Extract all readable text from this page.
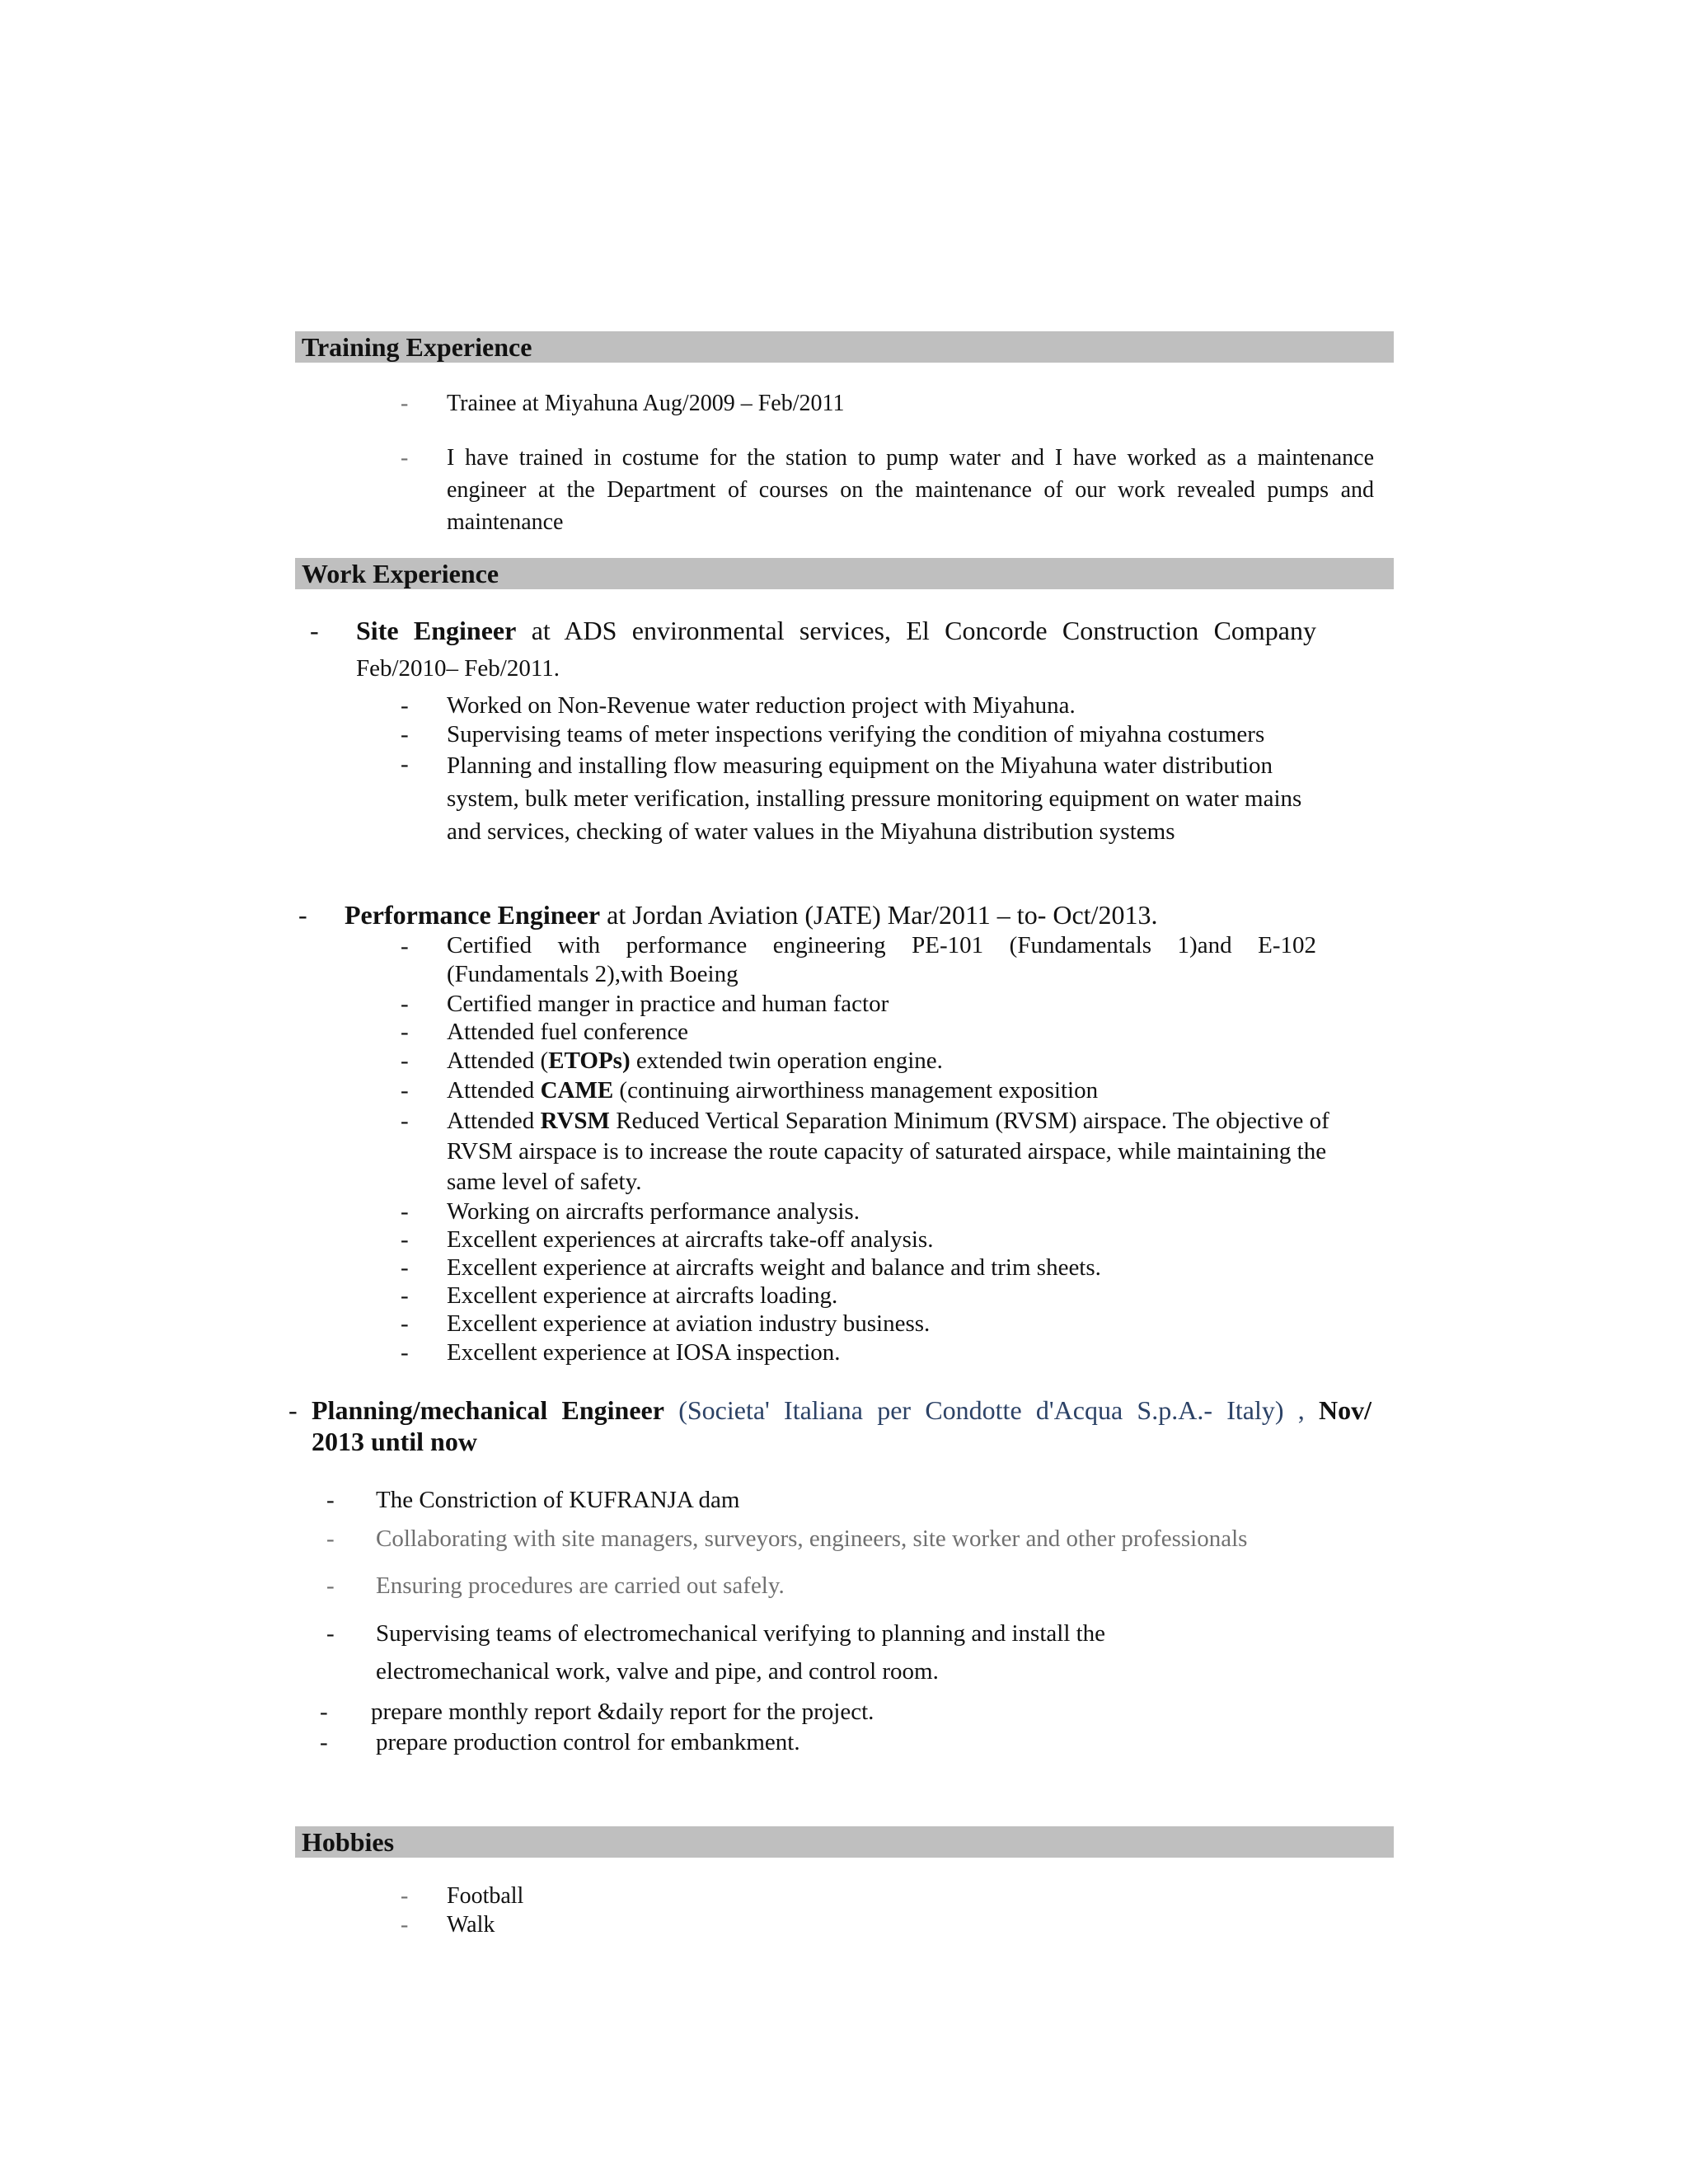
Training Experience
- Trainee at Miyahuna Aug/2009 – Feb/2011
- I have trained in costume for the station to pump water and I have worked as a maintenance engineer at the Department of courses on the maintenance of our work revealed pumps and maintenance
Work Experience
- Site Engineer at ADS environmental services, El Concorde Construction Company
Feb/2010– Feb/2011.
- Worked on Non-Revenue water reduction project with Miyahuna.
- Supervising teams of meter inspections verifying the condition of miyahna costumers
- Planning and installing flow measuring equipment on the Miyahuna water distribution system, bulk meter verification, installing pressure monitoring equipment on water mains and services, checking of water values in the Miyahuna distribution systems
- Performance Engineer at Jordan Aviation (JATE) Mar/2011 – to- Oct/2013.
- Certified with performance engineering PE-101 (Fundamentals 1)and E-102 (Fundamentals 2),with Boeing
- Certified manger in practice and human factor
- Attended fuel conference
- Attended (ETOPs) extended twin operation engine.
- Attended CAME (continuing airworthiness management exposition
- Attended RVSM Reduced Vertical Separation Minimum (RVSM) airspace. The objective of RVSM airspace is to increase the route capacity of saturated airspace, while maintaining the same level of safety.
- Working on aircrafts performance analysis.
- Excellent experiences at aircrafts take-off analysis.
- Excellent experience at aircrafts weight and balance and trim sheets.
- Excellent experience at aircrafts loading.
- Excellent experience at aviation industry business.
- Excellent experience at IOSA inspection.
- Planning/mechanical Engineer (Societa' Italiana per Condotte d'Acqua S.p.A.- Italy) , Nov/
2013 until now
- The Constriction of KUFRANJA dam
- Collaborating with site managers, surveyors, engineers, site worker and other professionals
- Ensuring procedures are carried out safely.
- Supervising teams of electromechanical verifying to planning and install the
electromechanical work, valve and pipe, and control room.
- prepare monthly report &daily report for the project.
- prepare production control for embankment.
Hobbies
- Football
- Walk
